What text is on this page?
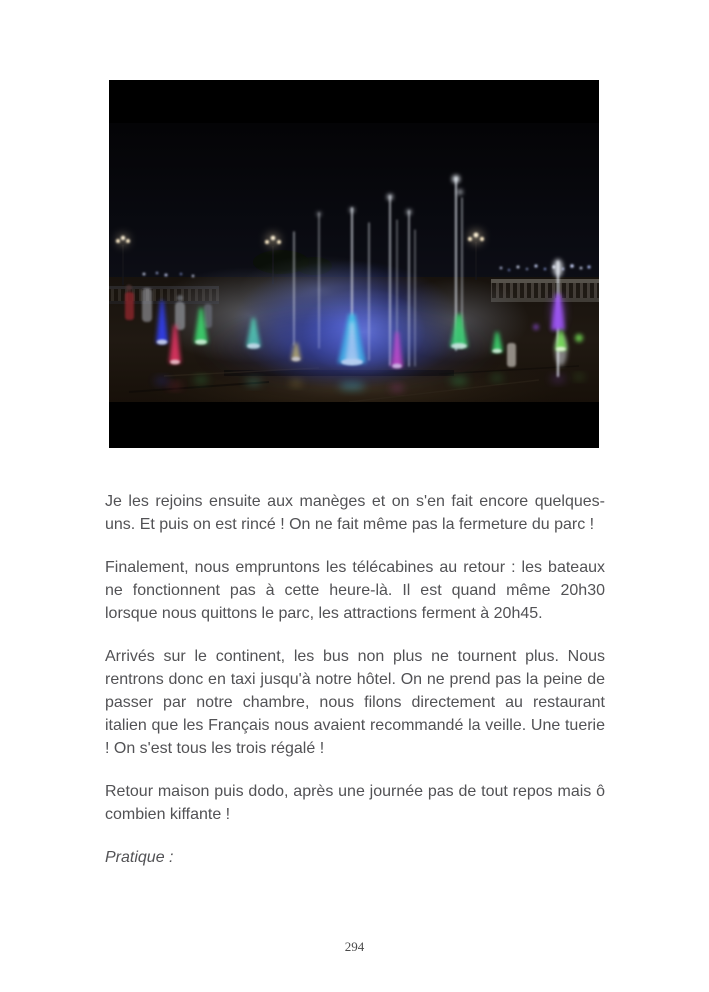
Je les rejoins ensuite aux manèges et on s'en fait encore quelques-uns. Et puis on est rincé ! On ne fait même pas la fermeture du parc !

Finalement, nous empruntons les télécabines au retour : les bateaux ne fonctionnent pas à cette heure-là. Il est quand même 20h30 lorsque nous quittons le parc, les attractions ferment à 20h45.

Arrivés sur le continent, les bus non plus ne tournent plus. Nous rentrons donc en taxi jusqu'à notre hôtel. On ne prend pas la peine de passer par notre chambre, nous filons directement au restaurant italien que les Français nous avaient recommandé la veille. Une tuerie ! On s'est tous les trois régalé !

Retour maison puis dodo, après une journée pas de tout repos mais ô combien kiffante !

Pratique :

294
